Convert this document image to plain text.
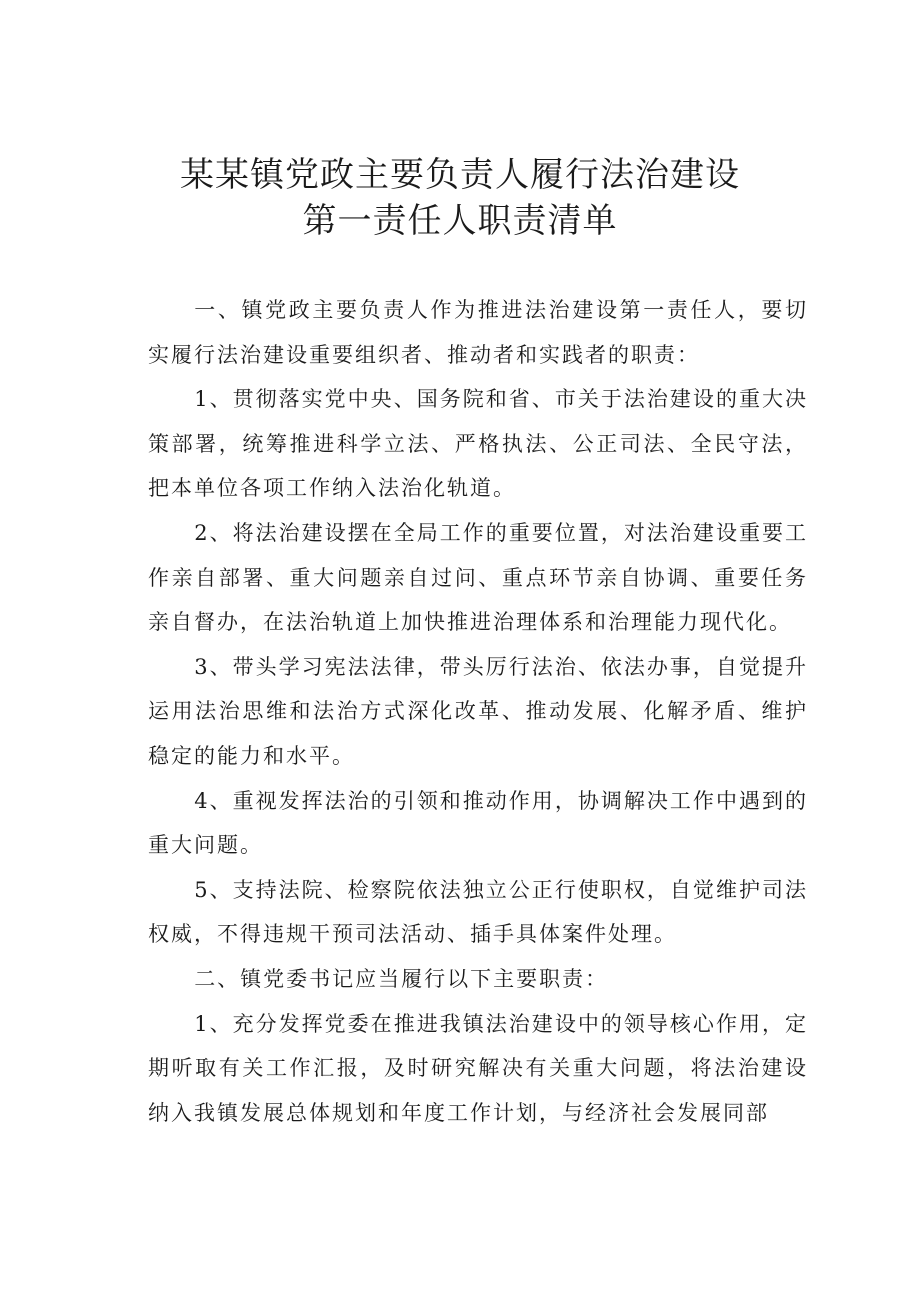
某某镇党政主要负责人履行法治建设
第一责任人职责清单

一、镇党政主要负责人作为推进法治建设第一责任人，要切实履行法治建设重要组织者、推动者和实践者的职责：

1、贯彻落实党中央、国务院和省、市关于法治建设的重大决策部署，统筹推进科学立法、严格执法、公正司法、全民守法，把本单位各项工作纳入法治化轨道。

2、将法治建设摆在全局工作的重要位置，对法治建设重要工作亲自部署、重大问题亲自过问、重点环节亲自协调、重要任务亲自督办，在法治轨道上加快推进治理体系和治理能力现代化。

3、带头学习宪法法律，带头厉行法治、依法办事，自觉提升运用法治思维和法治方式深化改革、推动发展、化解矛盾、维护稳定的能力和水平。

4、重视发挥法治的引领和推动作用，协调解决工作中遇到的重大问题。

5、支持法院、检察院依法独立公正行使职权，自觉维护司法权威，不得违规干预司法活动、插手具体案件处理。

二、镇党委书记应当履行以下主要职责：

1、充分发挥党委在推进我镇法治建设中的领导核心作用，定期听取有关工作汇报，及时研究解决有关重大问题，将法治建设纳入我镇发展总体规划和年度工作计划，与经济社会发展同部
